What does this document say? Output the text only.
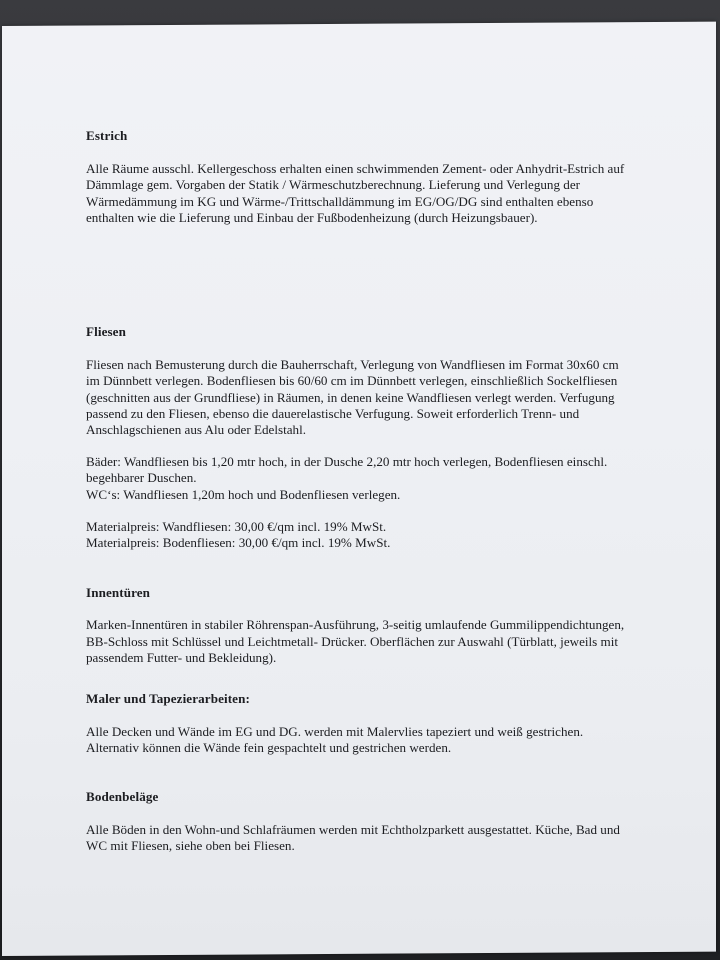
Estrich

Alle Räume ausschl. Kellergeschoss erhalten einen schwimmenden Zement- oder Anhydrit-Estrich auf Dämmlage gem. Vorgaben der Statik / Wärmeschutzberechnung. Lieferung und Verlegung der Wärmedämmung im KG und Wärme-/Trittschalldämmung im EG/OG/DG sind enthalten ebenso enthalten wie die Lieferung und Einbau der Fußbodenheizung (durch Heizungsbauer).

Fliesen

Fliesen nach Bemusterung durch die Bauherrschaft, Verlegung von Wandfliesen im Format 30x60 cm im Dünnbett verlegen. Bodenfliesen bis 60/60 cm im Dünnbett verlegen, einschließlich Sockelfliesen (geschnitten aus der Grundfliese) in Räumen, in denen keine Wandfliesen verlegt werden. Verfugung passend zu den Fliesen, ebenso die dauerelastische Verfugung. Soweit erforderlich Trenn- und Anschlagschienen aus Alu oder Edelstahl.

Bäder: Wandfliesen bis 1,20 mtr hoch, in der Dusche 2,20 mtr hoch verlegen, Bodenfliesen einschl. begehbarer Duschen.

WC‘s: Wandfliesen 1,20m hoch und Bodenfliesen verlegen.

Materialpreis: Wandfliesen: 30,00 €/qm incl. 19% MwSt.

Materialpreis: Bodenfliesen: 30,00 €/qm incl. 19% MwSt.

Innentüren

Marken-Innentüren in stabiler Röhrenspan-Ausführung, 3-seitig umlaufende Gummilippendichtungen, BB-Schloss mit Schlüssel und Leichtmetall- Drücker. Oberflächen zur Auswahl (Türblatt, jeweils mit passendem Futter- und Bekleidung).

Maler und Tapezierarbeiten:

Alle Decken und Wände im EG und DG. werden mit Malervlies tapeziert und weiß gestrichen. Alternativ können die Wände fein gespachtelt und gestrichen werden.

Bodenbeläge

Alle Böden in den Wohn-und Schlafräumen werden mit Echtholzparkett ausgestattet. Küche, Bad und WC mit Fliesen, siehe oben bei Fliesen.
